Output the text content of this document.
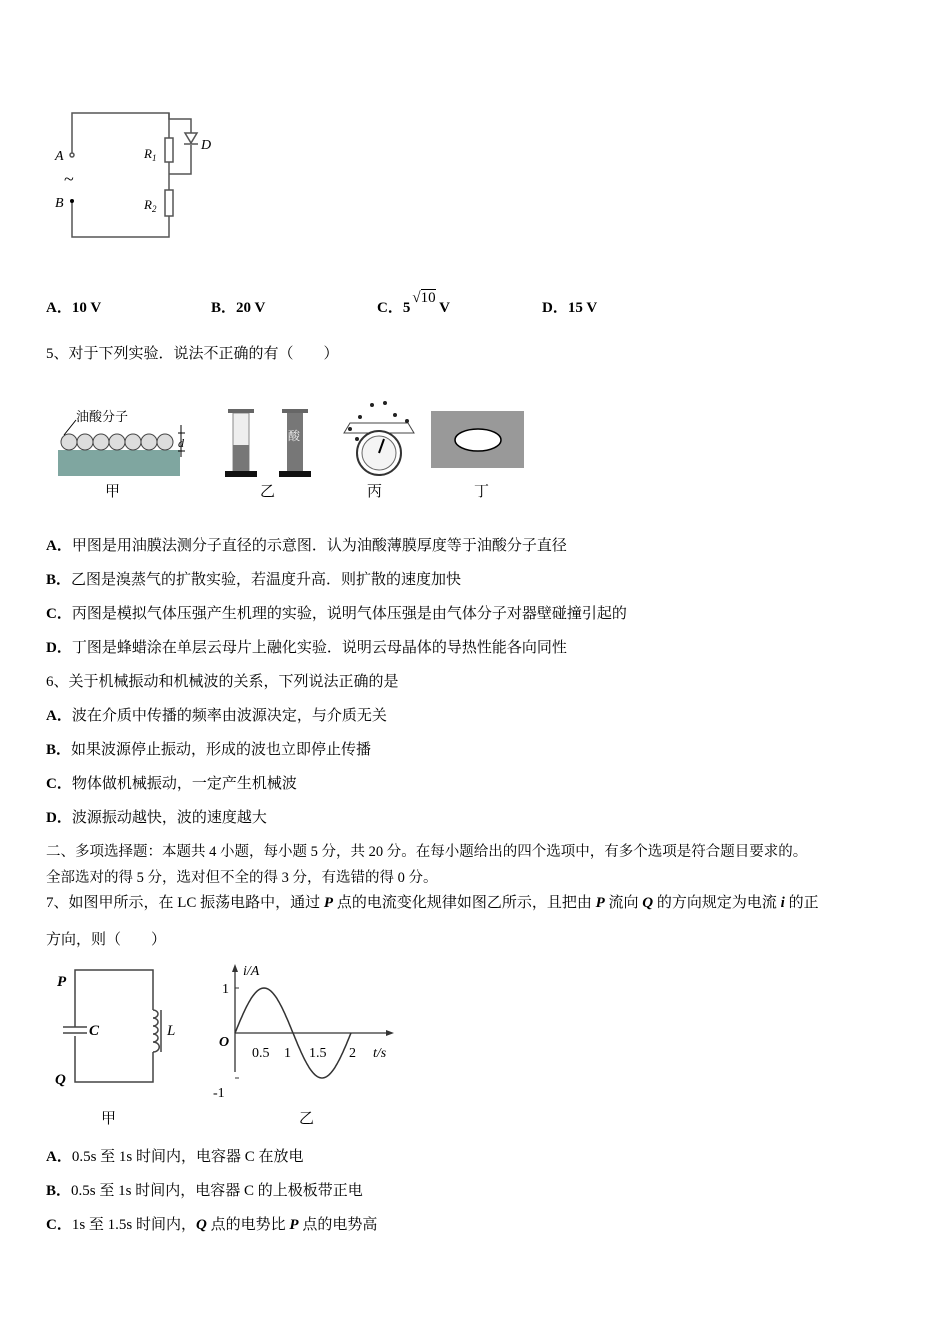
A
~
B
$R_1$
$R_2$
D
A．10 V	B．20 V	C．5√10 V	D．15 V
5、对于下列实验．说法不正确的有（　　）
油酸分子
d	酸
甲	乙	丙	丁
A．甲图是用油膜法测分子直径的示意图．认为油酸薄膜厚度等于油酸分子直径
B．乙图是溴蒸气的扩散实验，若温度升高．则扩散的速度加快
C．丙图是模拟气体压强产生机理的实验，说明气体压强是由气体分子对器壁碰撞引起的
D．丁图是蜂蜡涂在单层云母片上融化实验．说明云母晶体的导热性能各向同性
6、关于机械振动和机械波的关系，下列说法正确的是
A．波在介质中传播的频率由波源决定，与介质无关
B．如果波源停止振动，形成的波也立即停止传播
C．物体做机械振动，一定产生机械波
D．波源振动越快，波的速度越大
二、多项选择题：本题共 4 小题，每小题 5 分，共 20 分。在每小题给出的四个选项中，有多个选项是符合题目要求的。
全部选对的得 5 分，选对但不全的得 3 分，有选错的得 0 分。
7、如图甲所示，在 LC 振荡电路中，通过 P 点的电流变化规律如图乙所示，且把由 P 流向 Q 的方向规定为电流 i 的正
方向，则（　　）
P
C
Q
L
甲
i/A
O
1
-1
0.5 1 1.5 2 t/s
乙
A．0.5s 至 1s 时间内，电容器 C 在放电
B．0.5s 至 1s 时间内，电容器 C 的上极板带正电
C．1s 至 1.5s 时间内，Q 点的电势比 P 点的电势高
